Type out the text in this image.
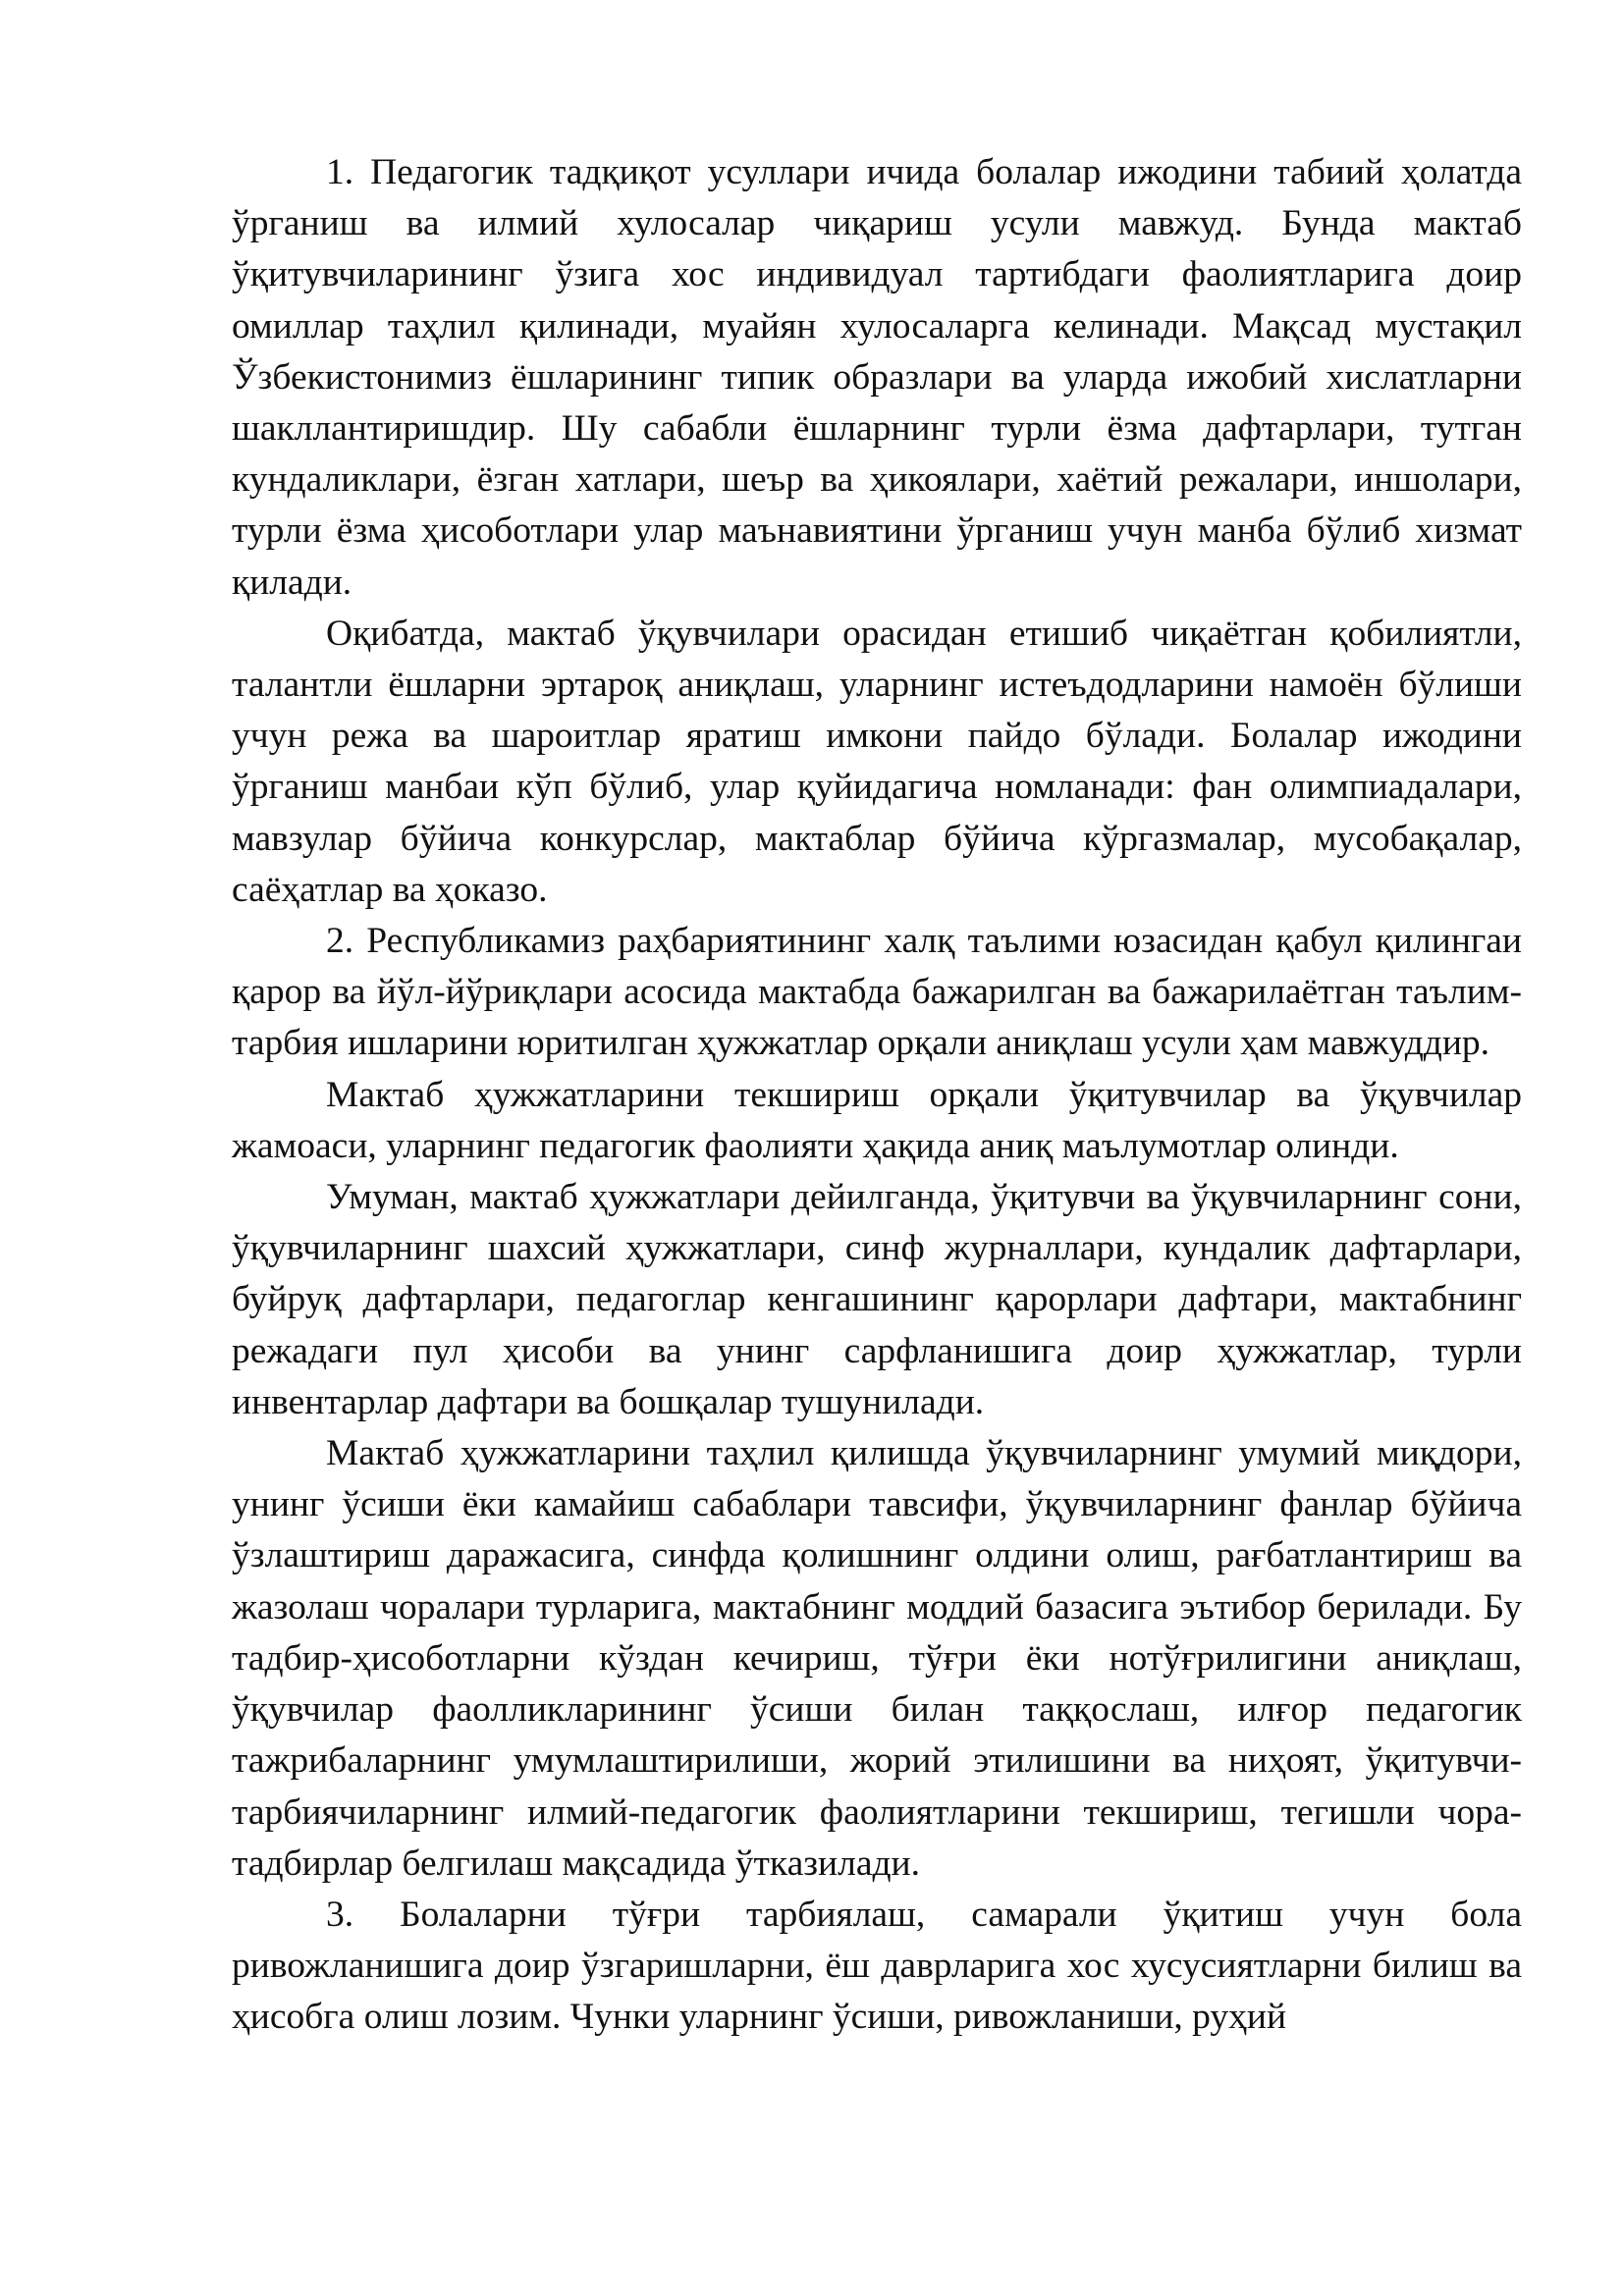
1. Педагогик тадқиқот усуллари ичида болалар ижодини табиий ҳолатда ўрганиш ва илмий хулосалар чиқариш усули мавжуд. Бунда мактаб ўқитувчиларининг ўзига хос индивидуал тартибдаги фаолиятларига доир омиллар таҳлил қилинади, муайян хулосаларга келинади. Мақсад мустақил Ўзбекистонимиз ёшларининг типик образлари ва уларда ижобий хислатларни шакллантиришдир. Шу сабабли ёшларнинг турли ёзма дафтарлари, тутган кундаликлари, ёзган хатлари, шеър ва ҳикоялари, хаётий режалари, иншолари, турли ёзма ҳисоботлари улар маънавиятини ўрганиш учун манба бўлиб хизмат қилади.

Оқибатда, мактаб ўқувчилари орасидан етишиб чиқаётган қобилиятли, талантли ёшларни эртароқ аниқлаш, уларнинг истеъдодларини намоён бўлиши учун режа ва шароитлар яратиш имкони пайдо бўлади. Болалар ижодини ўрганиш манбаи кўп бўлиб, улар қуйидагича номланади: фан олимпиадалари, мавзулар бўйича конкурслар, мактаблар бўйича кўргазмалар, мусобақалар, саёҳатлар ва ҳоказо.

2. Республикамиз раҳбариятининг халқ таълими юзасидан қабул қилингаи қарор ва йўл-йўриқлари асосида мактабда бажарилган ва бажарилаётган таълим-тарбия ишларини юритилган ҳужжатлар орқали аниқлаш усули ҳам мавжуддир.

Мактаб ҳужжатларини текшириш орқали ўқитувчилар ва ўқувчилар жамоаси, уларнинг педагогик фаолияти ҳақида аниқ маълумотлар олинди.

Умуман, мактаб ҳужжатлари дейилганда, ўқитувчи ва ўқувчиларнинг сони, ўқувчиларнинг шахсий ҳужжатлари, синф журналлари, кундалик дафтарлари, буйруқ дафтарлари, педагоглар кенгашининг қарорлари дафтари, мактабнинг режадаги пул ҳисоби ва унинг сарфланишига доир ҳужжатлар, турли инвентарлар дафтари ва бошқалар тушунилади.

Мактаб ҳужжатларини таҳлил қилишда ўқувчиларнинг умумий миқдори, унинг ўсиши ёки камайиш сабаблари тавсифи, ўқувчиларнинг фанлар бўйича ўзлаштириш даражасига, синфда қолишнинг олдини олиш, рағбатлантириш ва жазолаш чоралари турларига, мактабнинг моддий базасига эътибор берилади. Бу тадбир-ҳисоботларни кўздан кечириш, тўғри ёки нотўғрилигини аниқлаш, ўқувчилар фаолликларининг ўсиши билан таққослаш, илғор педагогик тажрибаларнинг умумлаштирилиши, жорий этилишини ва ниҳоят, ўқитувчи-тарбиячиларнинг илмий-педагогик фаолиятларини текшириш, тегишли чора-тадбирлар белгилаш мақсадида ўтказилади.

3. Болаларни тўғри тарбиялаш, самарали ўқитиш учун бола ривожланишига доир ўзгаришларни, ёш даврларига хос хусусиятларни билиш ва ҳисобга олиш лозим. Чунки уларнинг ўсиши, ривожланиши, руҳий
